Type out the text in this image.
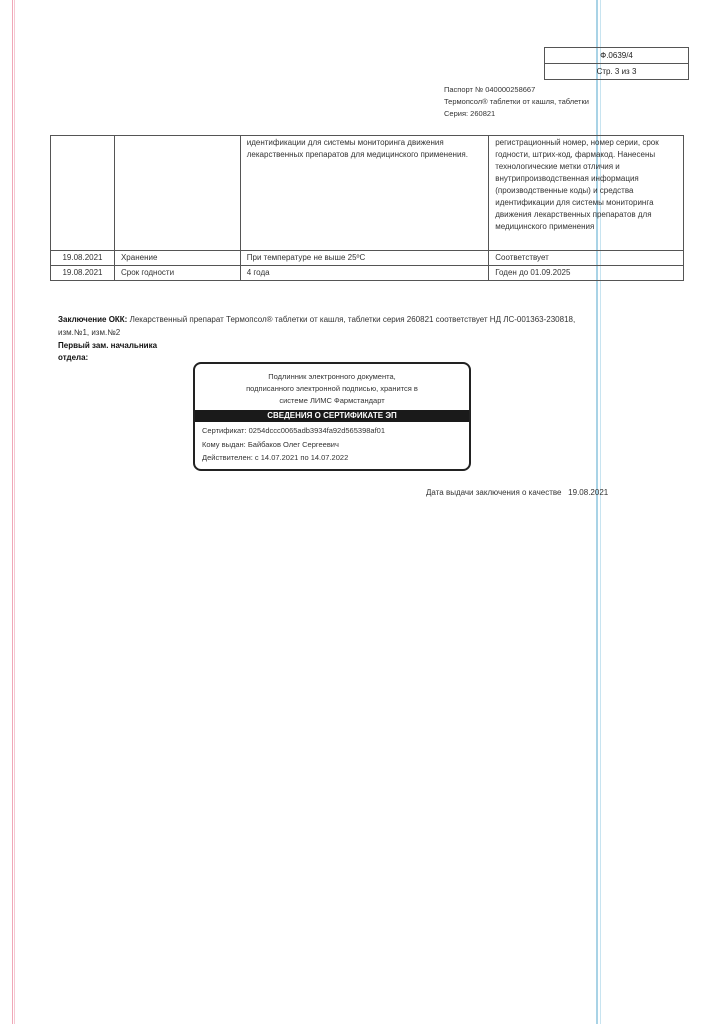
Ф.0639/4
Стр. 3 из 3
Паспорт № 040000258667
Термопсол® таблетки от кашля, таблетки
Серия: 260821
		идентификации для системы мониторинга движения лекарственных препаратов для медицинского применения.	регистрационный номер, номер серии, срок годности, штрих-код, фармакод. Нанесены технологические метки отличия и внутрипроизводственная информация (производственные коды) и средства идентификации для системы мониторинга движения лекарственных препаратов для медицинского применения
19.08.2021	Хранение	При температуре не выше 25ºС	Соответствует
19.08.2021	Срок годности	4 года	Годен до 01.09.2025
Заключение ОКК: Лекарственный препарат Термопсол® таблетки от кашля, таблетки серия 260821 соответствует НД ЛС-001363-230818, изм.№1, изм.№2
Первый зам. начальника
отдела:
Подлинник электронного документа,
подписанного электронной подписью, хранится в
системе ЛИМС Фармстандарт
СВЕДЕНИЯ О СЕРТИФИКАТЕ ЭП
Сертификат: 0254dccc0065adb3934fa92d565398af01
Кому выдан: Байбаков Олег Сергеевич
Действителен: с 14.07.2021 по 14.07.2022
Дата выдачи заключения о качестве   19.08.2021
